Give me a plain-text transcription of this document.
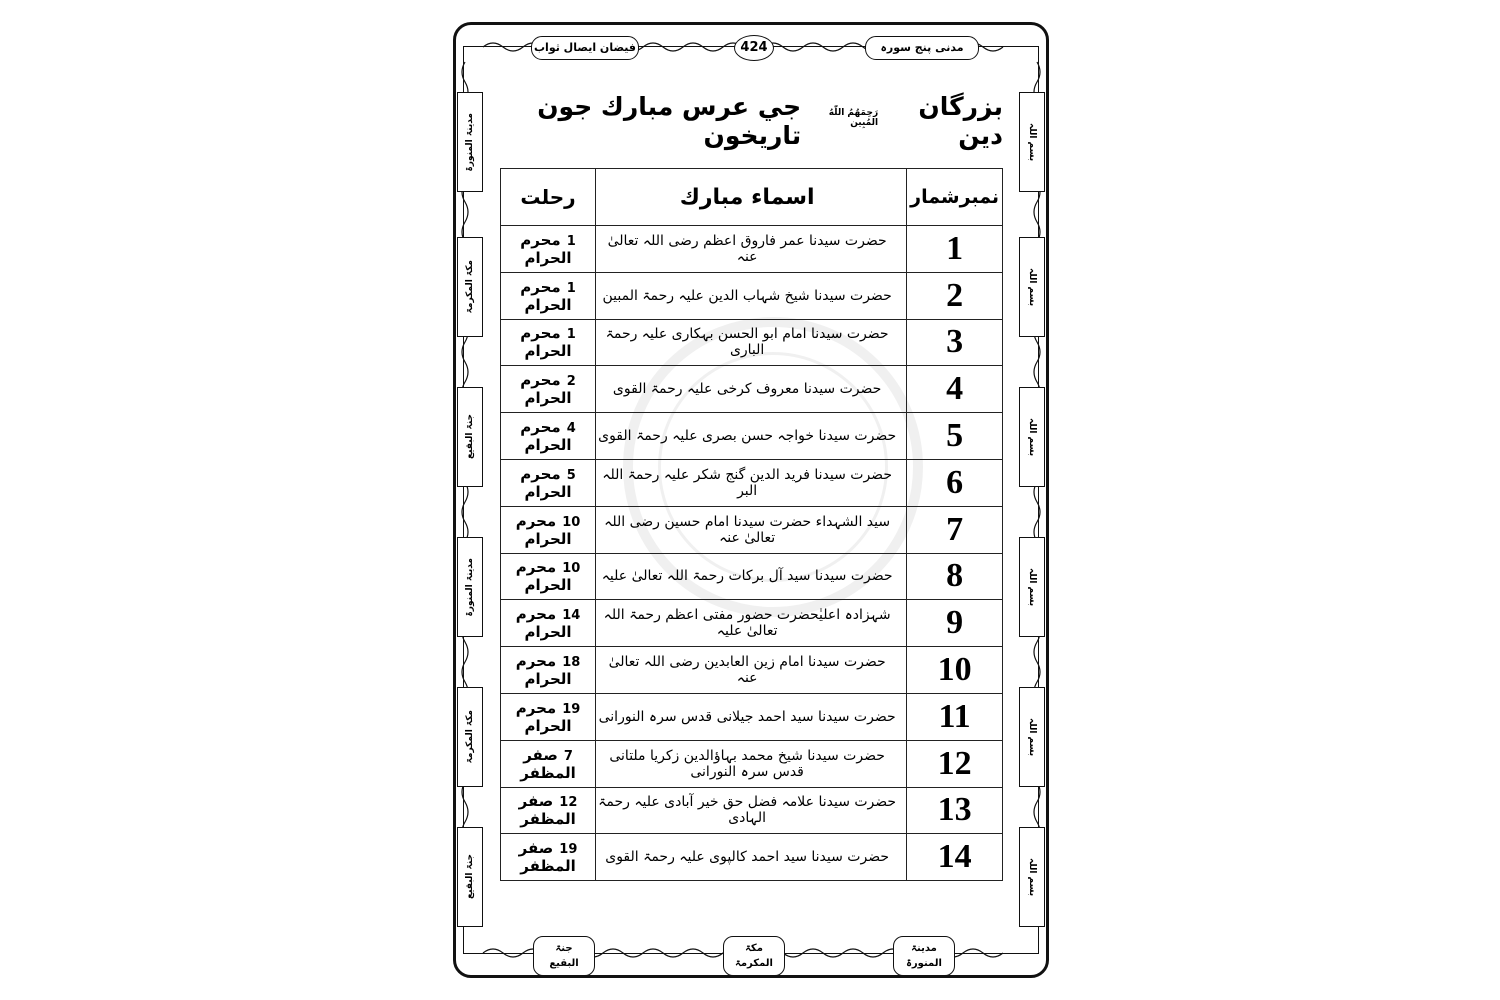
فیضان ایصال ثواب	424	مدنی پنج سورہ
مدینۃ المنورۃ
مکۃ المکرمۃ
جنۃ البقیع
مدینۃ المنورۃ
مکۃ المکرمۃ
جنۃ البقیع
بسم اللہ
بسم اللہ
بسم اللہ
بسم اللہ
بسم اللہ
بسم اللہ
بزرگان دين
رَحِمَهُمُ اللّٰهُ المُبِين
جي عرس مبارك جون تاريخون
نمبرشمار	اسماء مبارك	رحلت
1	حضرت سیدنا عمر فاروق اعظم رضی اللہ تعالیٰ عنہ	1محرم الحرام
2	حضرت سیدنا شیخ شہاب الدین علیہ رحمۃ المبین	1محرم الحرام
3	حضرت سیدنا امام ابو الحسن بہکاری علیہ رحمۃ الباری	1محرم الحرام
4	حضرت سیدنا معروف کرخی علیہ رحمۃ القوی	2محرم الحرام
5	حضرت سیدنا خواجہ حسن بصری علیہ رحمۃ القوی	4محرم الحرام
6	حضرت سیدنا فرید الدین گنج شکر علیہ رحمۃ اللہ البر	5محرم الحرام
7	سید الشہداء حضرت سیدنا امام حسین رضی اللہ تعالیٰ عنہ	10محرم الحرام
8	حضرت سیدنا سید آل برکات رحمۃ اللہ تعالیٰ علیہ	10محرم الحرام
9	شہزادہ اعلیٰحضرت حضور مفتی اعظم رحمۃ اللہ تعالیٰ علیہ	14محرم الحرام
10	حضرت سیدنا امام زین العابدین رضی اللہ تعالیٰ عنہ	18محرم الحرام
11	حضرت سیدنا سید احمد جیلانی قدس سرہ النورانی	19محرم الحرام
12	حضرت سیدنا شیخ محمد بہاؤالدین زکریا ملتانی قدس سرہ النورانی	7صفر المظفر
13	حضرت سیدنا علامہ فضل حق خیر آبادی علیہ رحمۃ الہادی	12صفر المظفر
14	حضرت سیدنا سید احمد کالپوی علیہ رحمۃ القوی	19صفر المظفر
جنۃ
البقیع
مکۃ
المکرمۃ
مدینۃ
المنورۃ
